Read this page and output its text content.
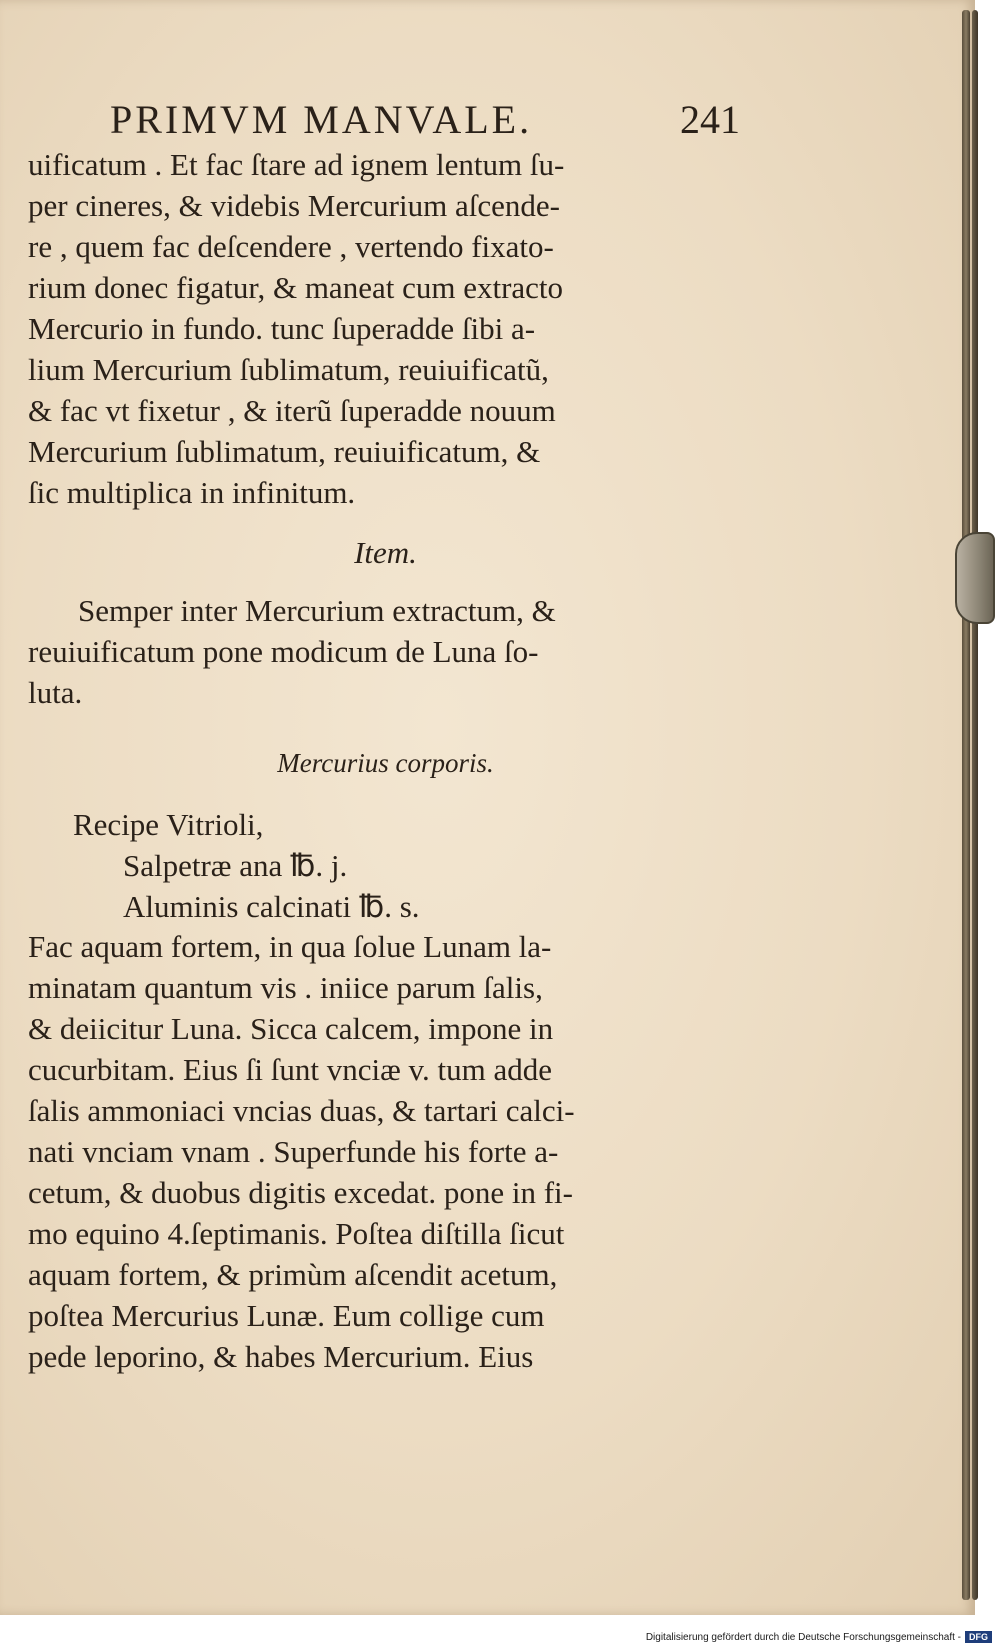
PRIMVM MANVALE.	241
uificatum . Et fac ſtare ad ignem lentum ſu-
per cineres, & videbis Mercurium aſcende-
re , quem fac deſcendere , vertendo fixato-
rium donec figatur, & maneat cum extracto
Mercurio in fundo. tunc ſuperadde ſibi a-
lium Mercurium ſublimatum, reuiuificatũ,
& fac vt fixetur , & iterũ ſuperadde nouum
Mercurium ſublimatum, reuiuificatum, &
ſic multiplica in infinitum.
Item.
Semper inter Mercurium extractum, &
reuiuificatum pone modicum de Luna ſo-
luta.
Mercurius corporis.
Recipe Vitrioli,
Salpetræ ana ℔. j.
Aluminis calcinati ℔. s.
Fac aquam fortem, in qua ſolue Lunam la-
minatam quantum vis . iniice parum ſalis,
& deiicitur Luna. Sicca calcem, impone in
cucurbitam. Eius ſi ſunt vnciæ v. tum adde
ſalis ammoniaci vncias duas, & tartari calci-
nati vnciam vnam . Superfunde his forte a-
cetum, & duobus digitis excedat. pone in fi-
mo equino 4.ſeptimanis. Poſtea diſtilla ſicut
aquam fortem, & primùm aſcendit acetum,
poſtea Mercurius Lunæ. Eum collige cum
pede leporino, & habes Mercurium. Eius
Digitalisierung gefördert durch die Deutsche Forschungsgemeinschaft - DFG
